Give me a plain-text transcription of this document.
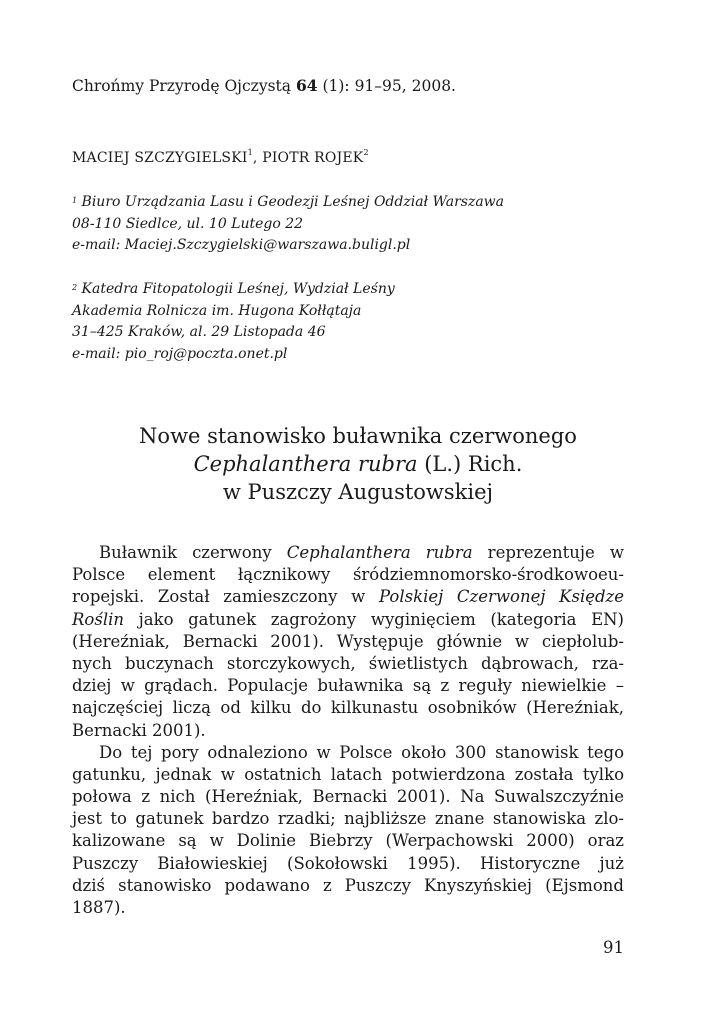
Chrońmy Przyrodę Ojczystą 64 (1): 91–95, 2008.
MACIEJ SZCZYGIELSKI$^1$, PIOTR ROJEK$^2$
$^1$ Biuro Urządzania Lasu i Geodezji Leśnej Oddział Warszawa
08-110 Siedlce, ul. 10 Lutego 22
e-mail: Maciej.Szczygielski@warszawa.buligl.pl
$^2$ Katedra Fitopatologii Leśnej, Wydział Leśny
Akademia Rolnicza im. Hugona Kołłątaja
31–425 Kraków, al. 29 Listopada 46
e-mail: pio_roj@poczta.onet.pl
Nowe stanowisko buławnika czerwonego
Cephalanthera rubra (L.) Rich.
w Puszczy Augustowskiej
Buławnik czerwony Cephalanthera rubra reprezentuje w
Polsce element łącznikowy śródziemnomorsko-środkowoeu-
ropejski. Został zamieszczony w Polskiej Czerwonej Księdze
Roślin jako gatunek zagrożony wyginięciem (kategoria EN)
(Hereźniak, Bernacki 2001). Występuje głównie w ciepłolub-
nych buczynach storczykowych, świetlistych dąbrowach, rza-
dziej w grądach. Populacje buławnika są z reguły niewielkie –
najczęściej liczą od kilku do kilkunastu osobników (Hereźniak,
Bernacki 2001).
Do tej pory odnaleziono w Polsce około 300 stanowisk tego
gatunku, jednak w ostatnich latach potwierdzona została tylko
połowa z nich (Hereźniak, Bernacki 2001). Na Suwalszczyźnie
jest to gatunek bardzo rzadki; najbliższe znane stanowiska zlo-
kalizowane są w Dolinie Biebrzy (Werpachowski 2000) oraz
Puszczy Białowieskiej (Sokołowski 1995). Historyczne już
dziś stanowisko podawano z Puszczy Knyszyńskiej (Ejsmond
1887).
91
